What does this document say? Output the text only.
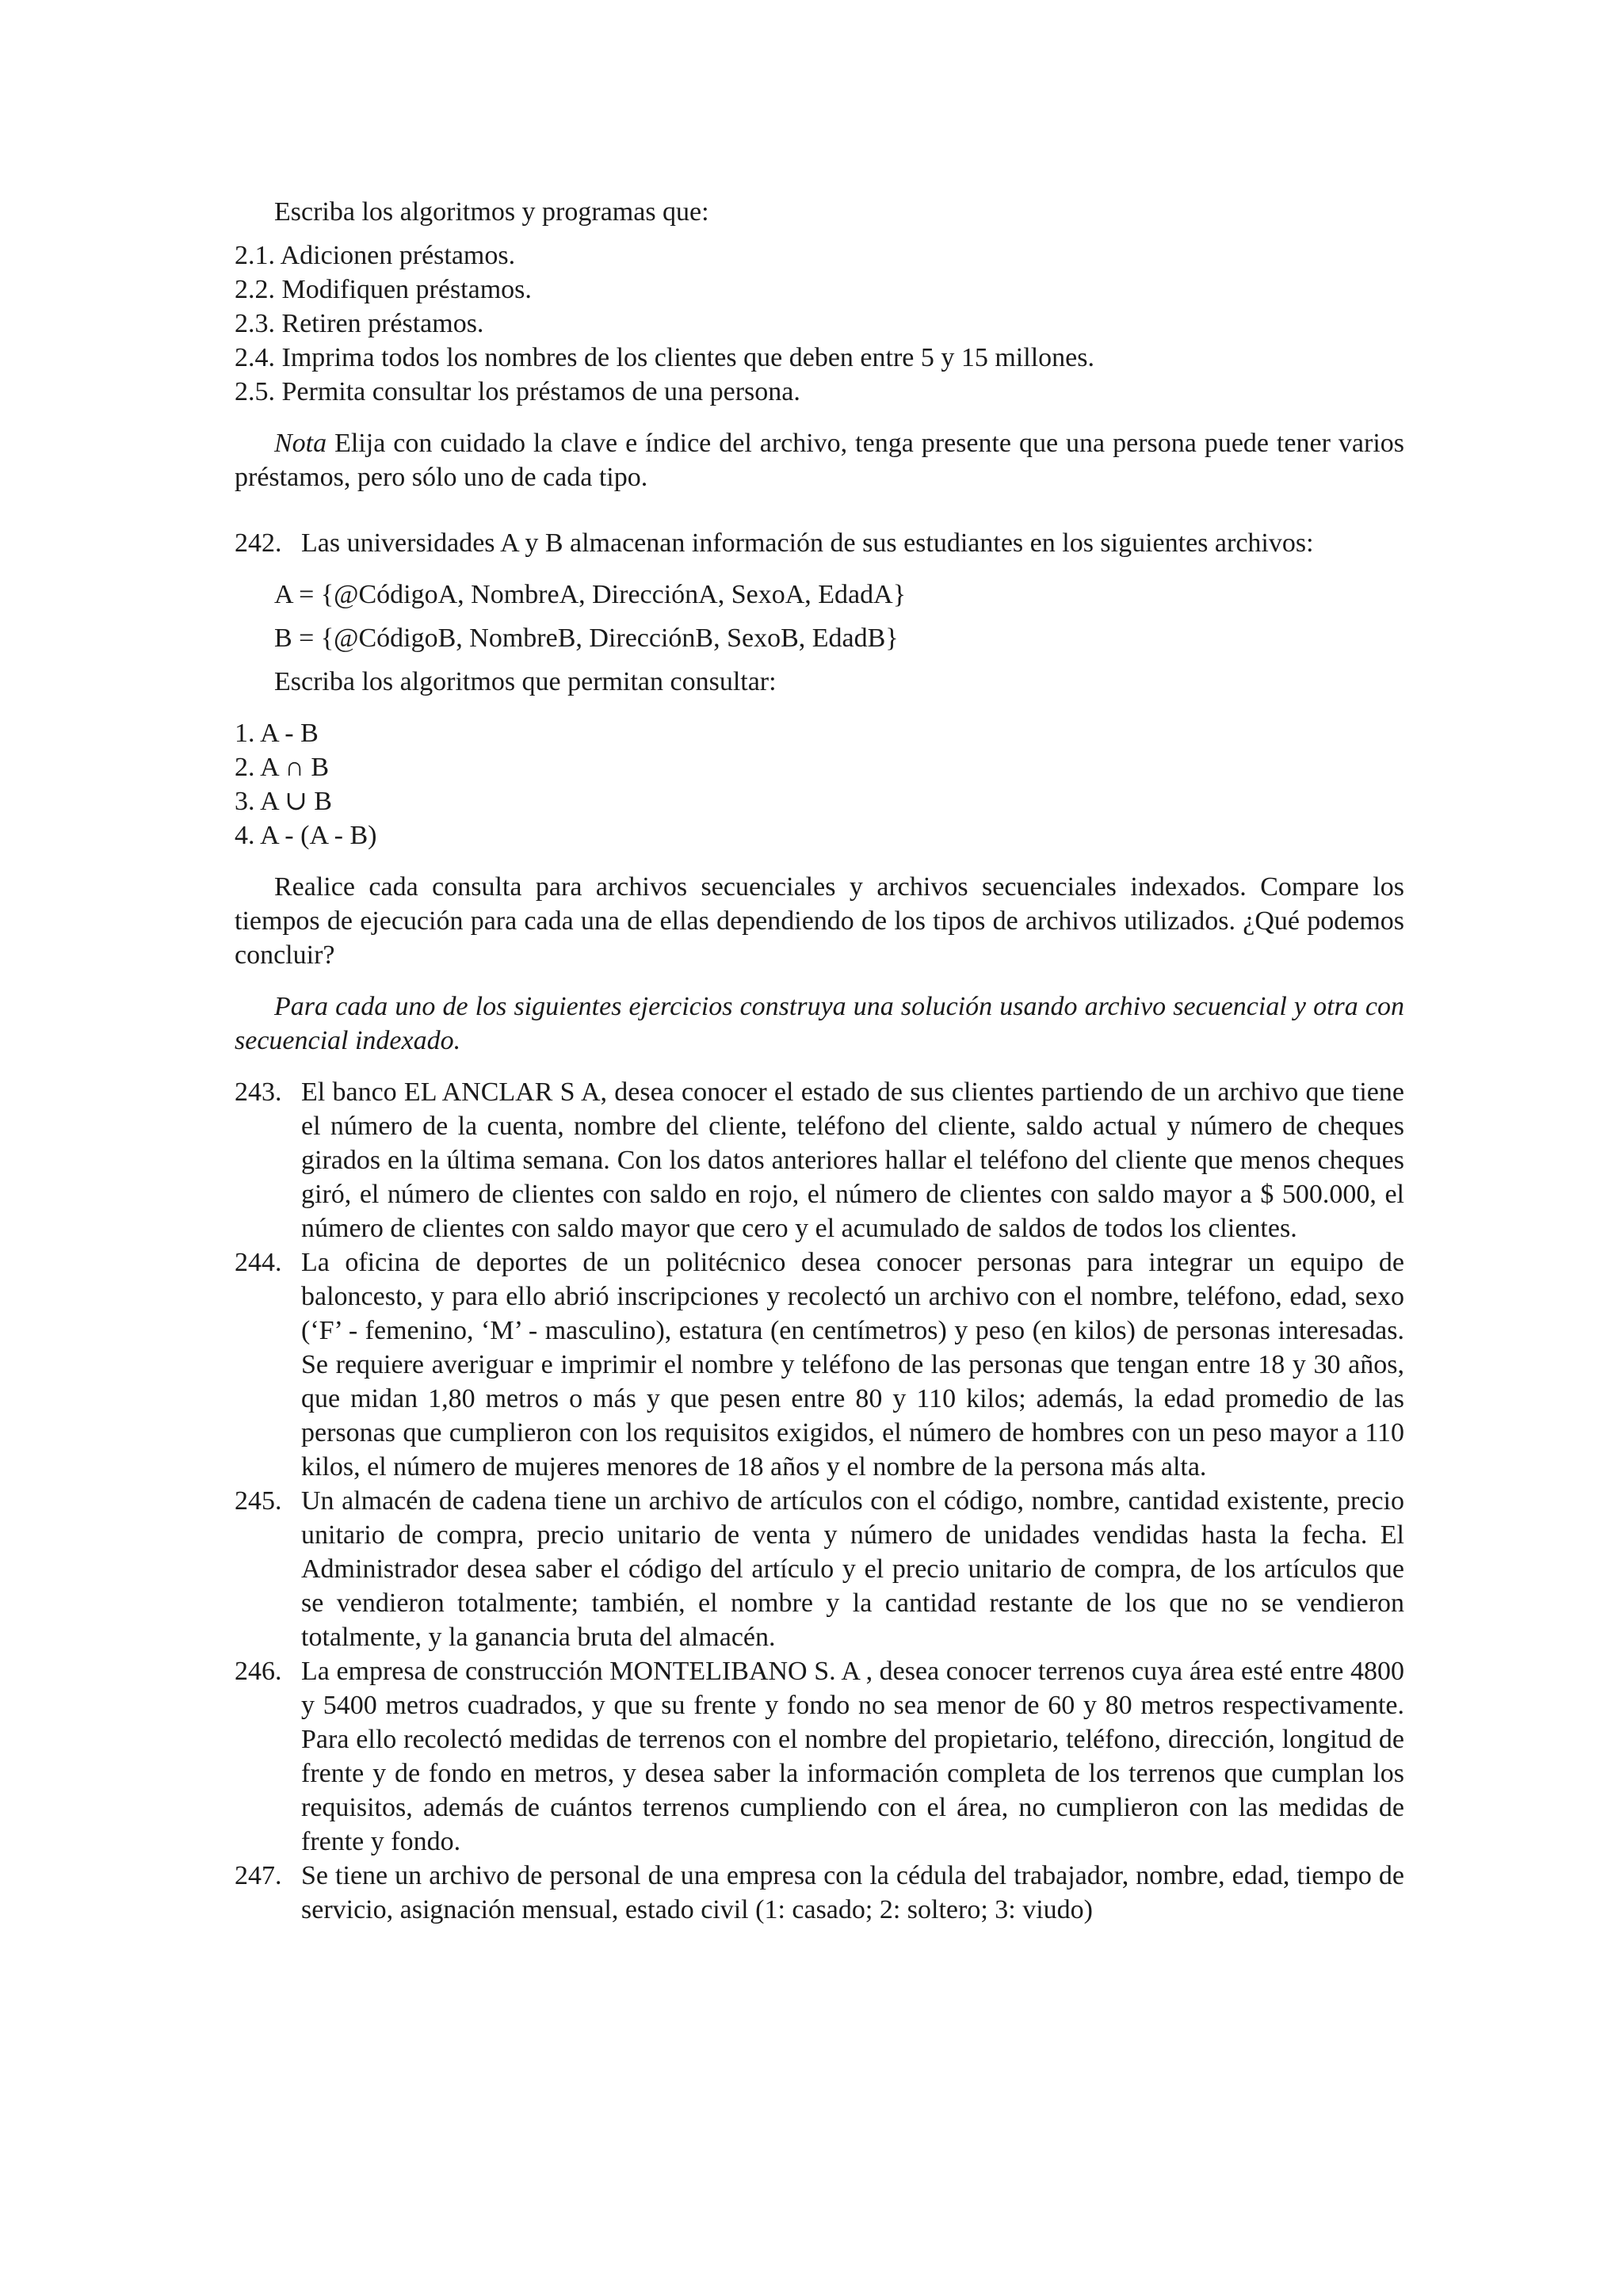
Escriba los algoritmos y programas que:

2.1. Adicionen préstamos.
2.2. Modifiquen préstamos.
2.3. Retiren préstamos.
2.4. Imprima todos los nombres de los clientes que deben entre 5 y 15 millones.
2.5. Permita consultar los préstamos de una persona.

Nota Elija con cuidado la clave e índice del archivo, tenga presente que una persona puede tener varios préstamos, pero sólo uno de cada tipo.

242. Las universidades A y B almacenan información de sus estudiantes en los siguientes archivos:

A = {@CódigoA, NombreA, DirecciónA, SexoA, EdadA}

B = {@CódigoB, NombreB, DirecciónB, SexoB, EdadB}

Escriba los algoritmos que permitan consultar:

1. A - B
2. A ∩ B
3. A ∪ B
4. A - (A - B)

Realice cada consulta para archivos secuenciales y archivos secuenciales indexados. Compare los tiempos de ejecución para cada una de ellas dependiendo de los tipos de archivos utilizados. ¿Qué podemos concluir?

Para cada uno de los siguientes ejercicios construya una solución usando archivo secuencial y otra con secuencial indexado.

243. El banco EL ANCLAR S A, desea conocer el estado de sus clientes partiendo de un archivo que tiene el número de la cuenta, nombre del cliente, teléfono del cliente, saldo actual y número de cheques girados en la última semana. Con los datos anteriores hallar el teléfono del cliente que menos cheques giró, el número de clientes con saldo en rojo, el número de clientes con saldo mayor a $ 500.000, el número de clientes con saldo mayor que cero y el acumulado de saldos de todos los clientes.

244. La oficina de deportes de un politécnico desea conocer personas para integrar un equipo de baloncesto, y para ello abrió inscripciones y recolectó un archivo con el nombre, teléfono, edad, sexo (‘F’ - femenino, ‘M’ - masculino), estatura (en centímetros) y peso (en kilos) de personas interesadas. Se requiere averiguar e imprimir el nombre y teléfono de las personas que tengan entre 18 y 30 años, que midan 1,80 metros o más y que pesen entre 80 y 110 kilos; además, la edad promedio de las personas que cumplieron con los requisitos exigidos, el número de hombres con un peso mayor a 110 kilos, el número de mujeres menores de 18 años y el nombre de la persona más alta.

245. Un almacén de cadena tiene un archivo de artículos con el código, nombre, cantidad existente, precio unitario de compra, precio unitario de venta y número de unidades vendidas hasta la fecha. El Administrador desea saber el código del artículo y el precio unitario de compra, de los artículos que se vendieron totalmente; también, el nombre y la cantidad restante de los que no se vendieron totalmente, y la ganancia bruta del almacén.

246. La empresa de construcción MONTELIBANO S. A , desea conocer terrenos cuya área esté entre 4800 y 5400 metros cuadrados, y que su frente y fondo no sea menor de 60 y 80 metros respectivamente. Para ello recolectó medidas de terrenos con el nombre del propietario, teléfono, dirección, longitud de frente y de fondo en metros, y desea saber la información completa de los terrenos que cumplan los requisitos, además de cuántos terrenos cumpliendo con el área, no cumplieron con las medidas de frente y fondo.

247. Se tiene un archivo de personal de una empresa con la cédula del trabajador, nombre, edad, tiempo de servicio, asignación mensual, estado civil (1: casado; 2: soltero; 3: viudo)
